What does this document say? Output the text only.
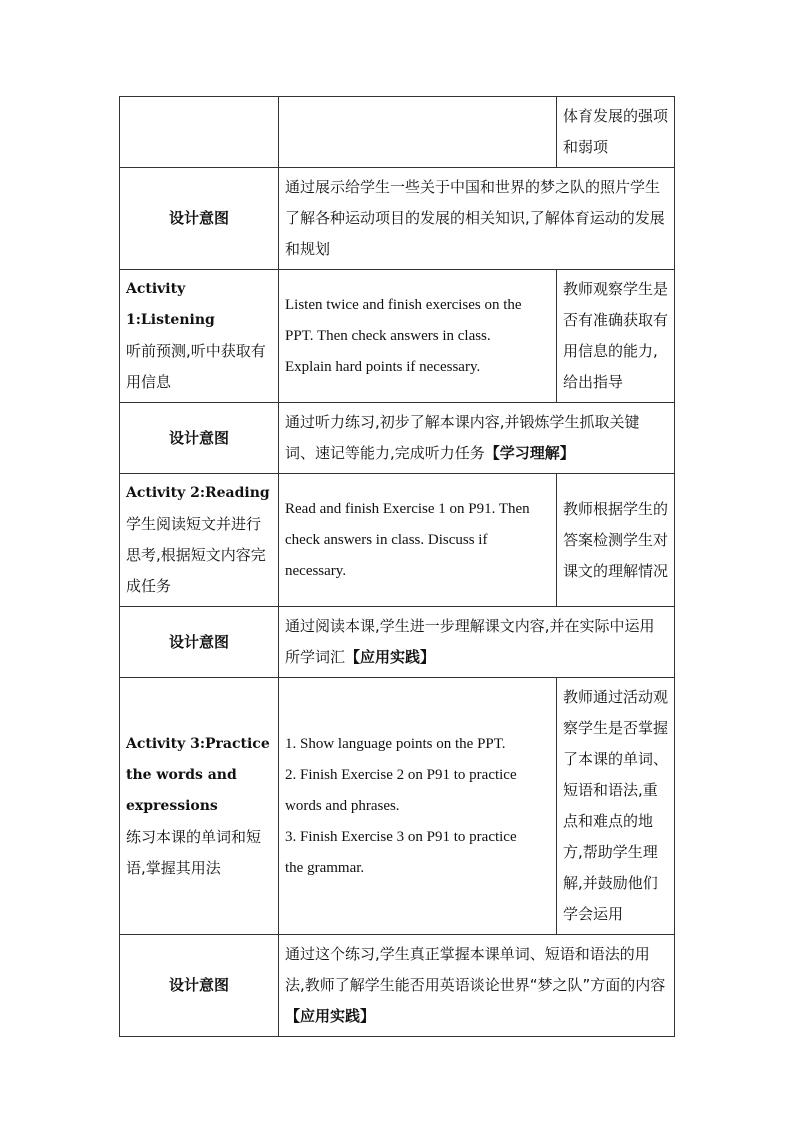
		体育发展的强项和弱项
设计意图	通过展示给学生一些关于中国和世界的梦之队的照片学生了解各种运动项目的发展的相关知识,了解体育运动的发展和规划	

Activity 1:Listening
听前预测,听中获取有用信息	Listen twice and finish exercises on the
PPT. Then check answers in class.
Explain hard points if necessary.	教师观察学生是否有准确获取有用信息的能力,给出指导
设计意图	通过听力练习,初步了解本课内容,并锻炼学生抓取关键词、速记等能力,完成听力任务【学习理解】	

Activity 2:Reading
学生阅读短文并进行思考,根据短文内容完成任务	Read and finish Exercise 1 on P91. Then
check answers in class. Discuss if
necessary.	教师根据学生的答案检测学生对课文的理解情况
设计意图	通过阅读本课,学生进一步理解课文内容,并在实际中运用所学词汇【应用实践】	

Activity 3:Practice the words and expressions
练习本课的单词和短语,掌握其用法	1. Show language points on the PPT.
2. Finish Exercise 2 on P91 to practice
words and phrases.
3. Finish Exercise 3 on P91 to practice
the grammar.	教师通过活动观察学生是否掌握了本课的单词、短语和语法,重点和难点的地方,帮助学生理解,并鼓励他们学会运用
设计意图	通过这个练习,学生真正掌握本课单词、短语和语法的用法,教师了解学生能否用英语谈论世界“梦之队”方面的内容【应用实践】	
